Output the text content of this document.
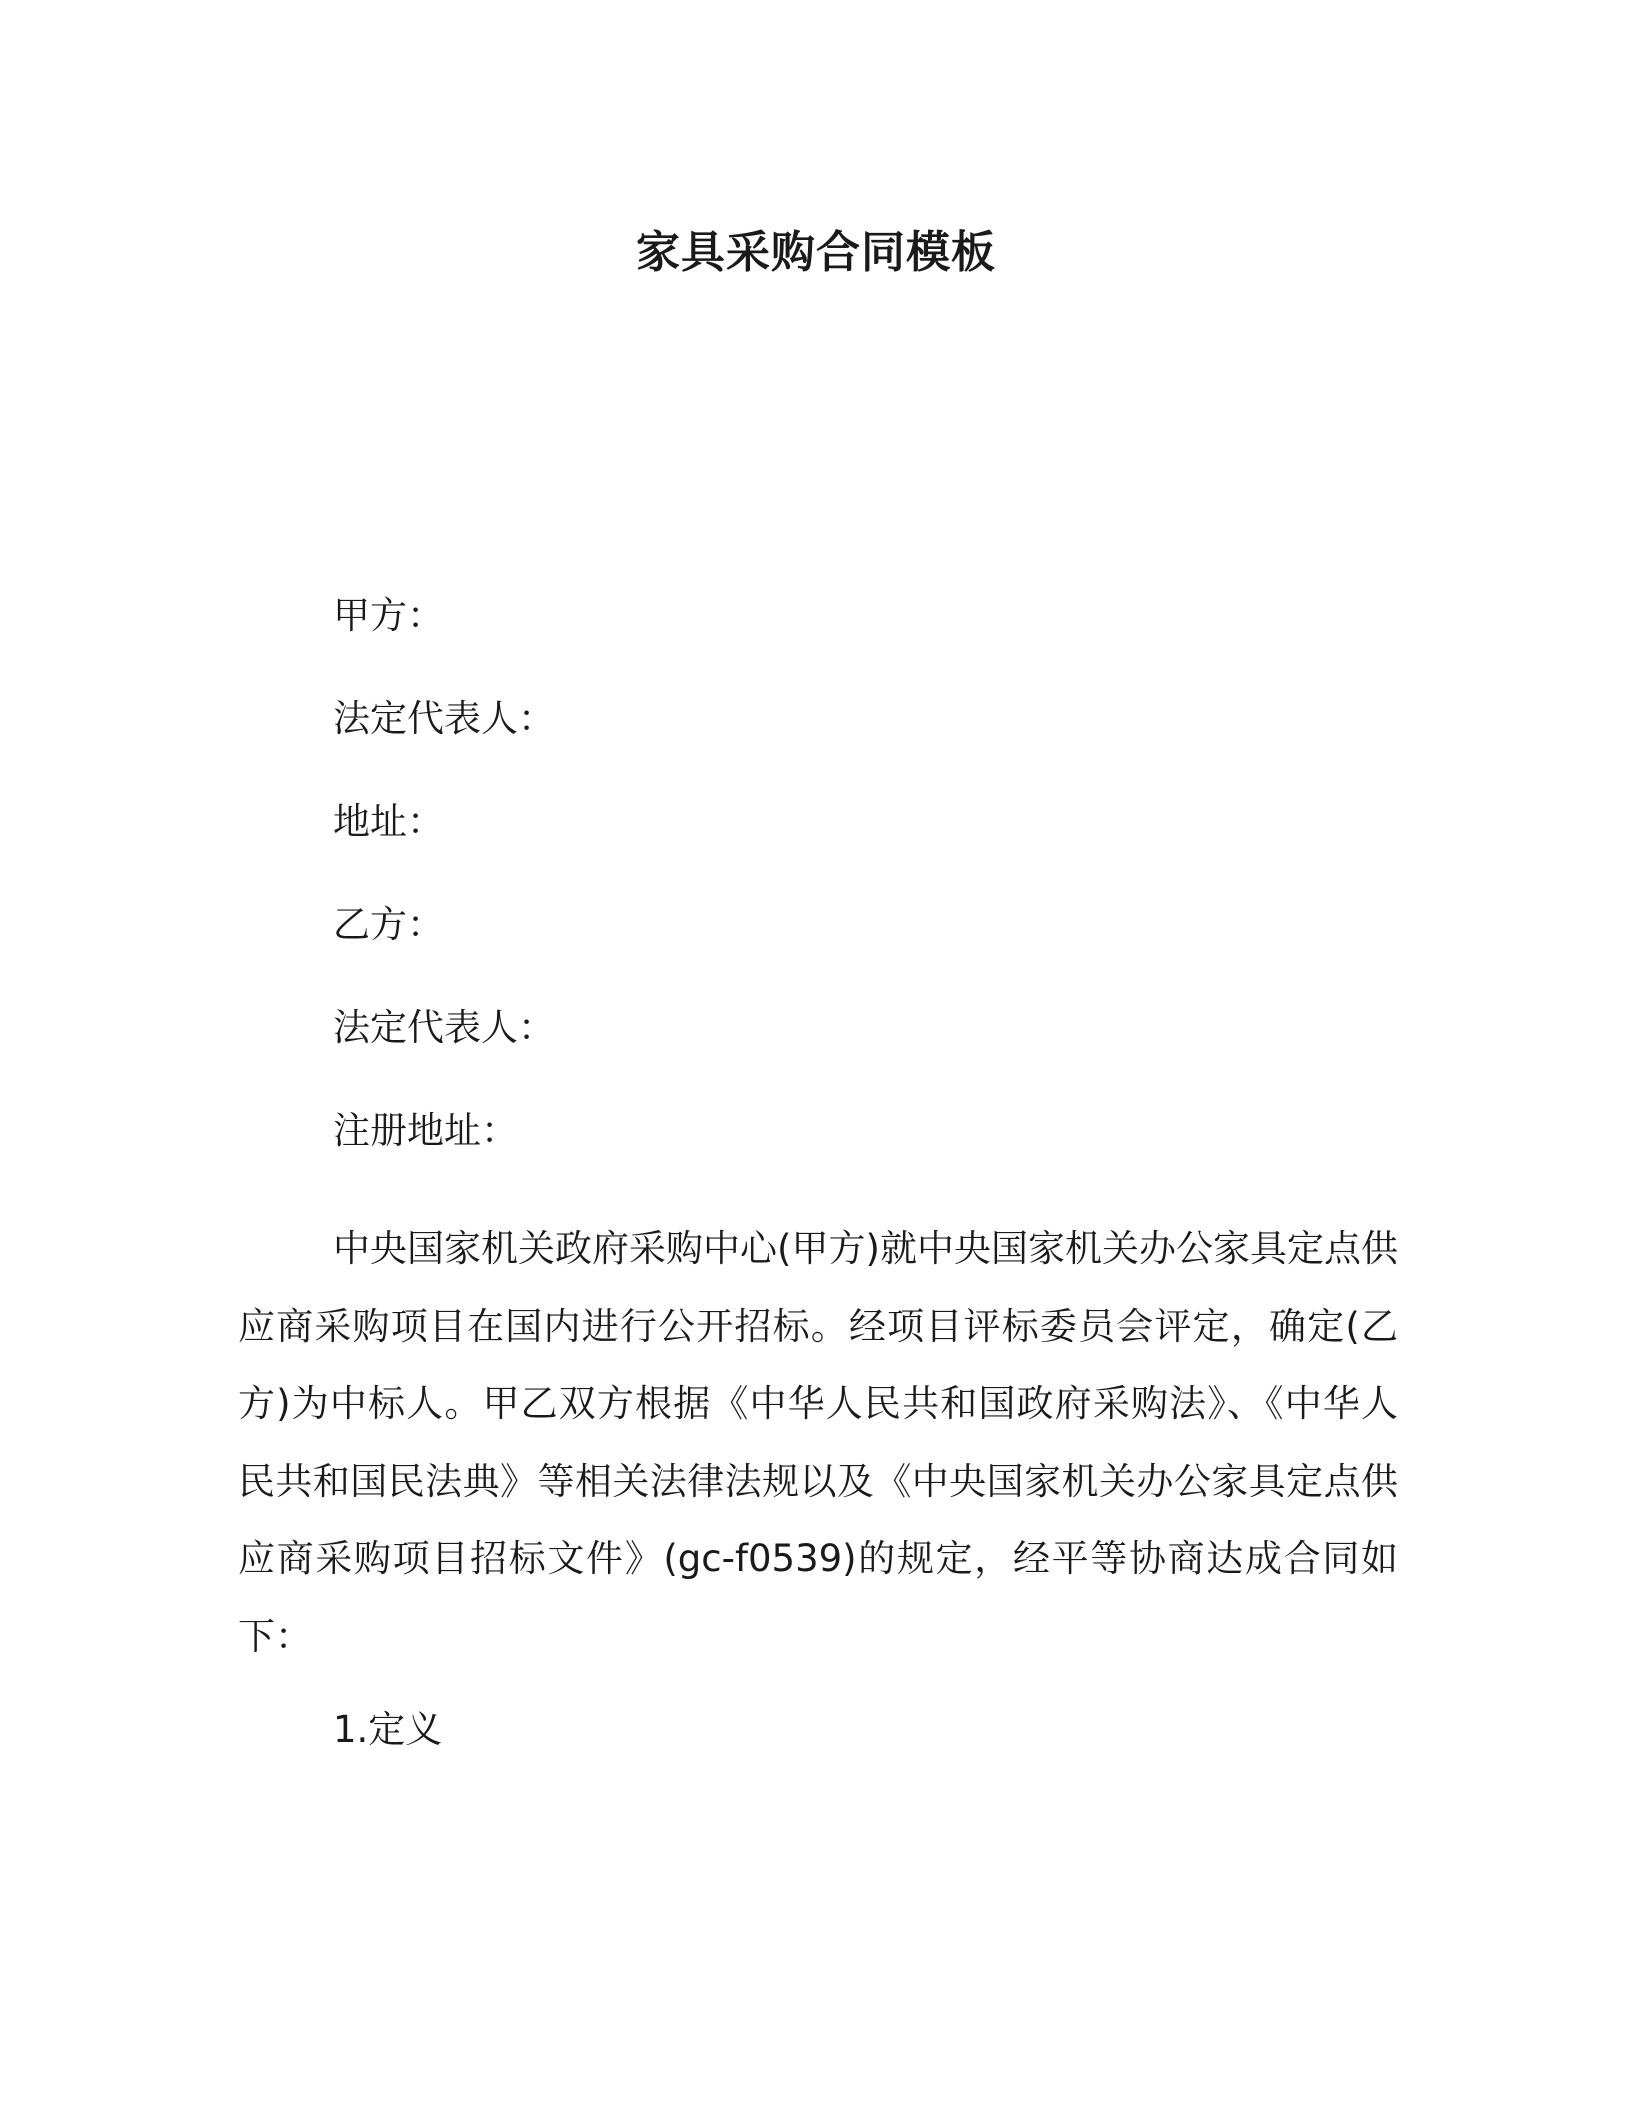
家具采购合同模板
甲方：
法定代表人：
地址：
乙方：
法定代表人：
注册地址：

中央国家机关政府采购中心(甲方)就中央国家机关办公家具定点供应商采购项目在国内进行公开招标。经项目评标委员会评定，确定(乙方)为中标人。甲乙双方根据《中华人民共和国政府采购法》、《中华人民共和国民法典》等相关法律法规以及《中央国家机关办公家具定点供应商采购项目招标文件》(gc-f0539)的规定，经平等协商达成合同如下：

1.定义
